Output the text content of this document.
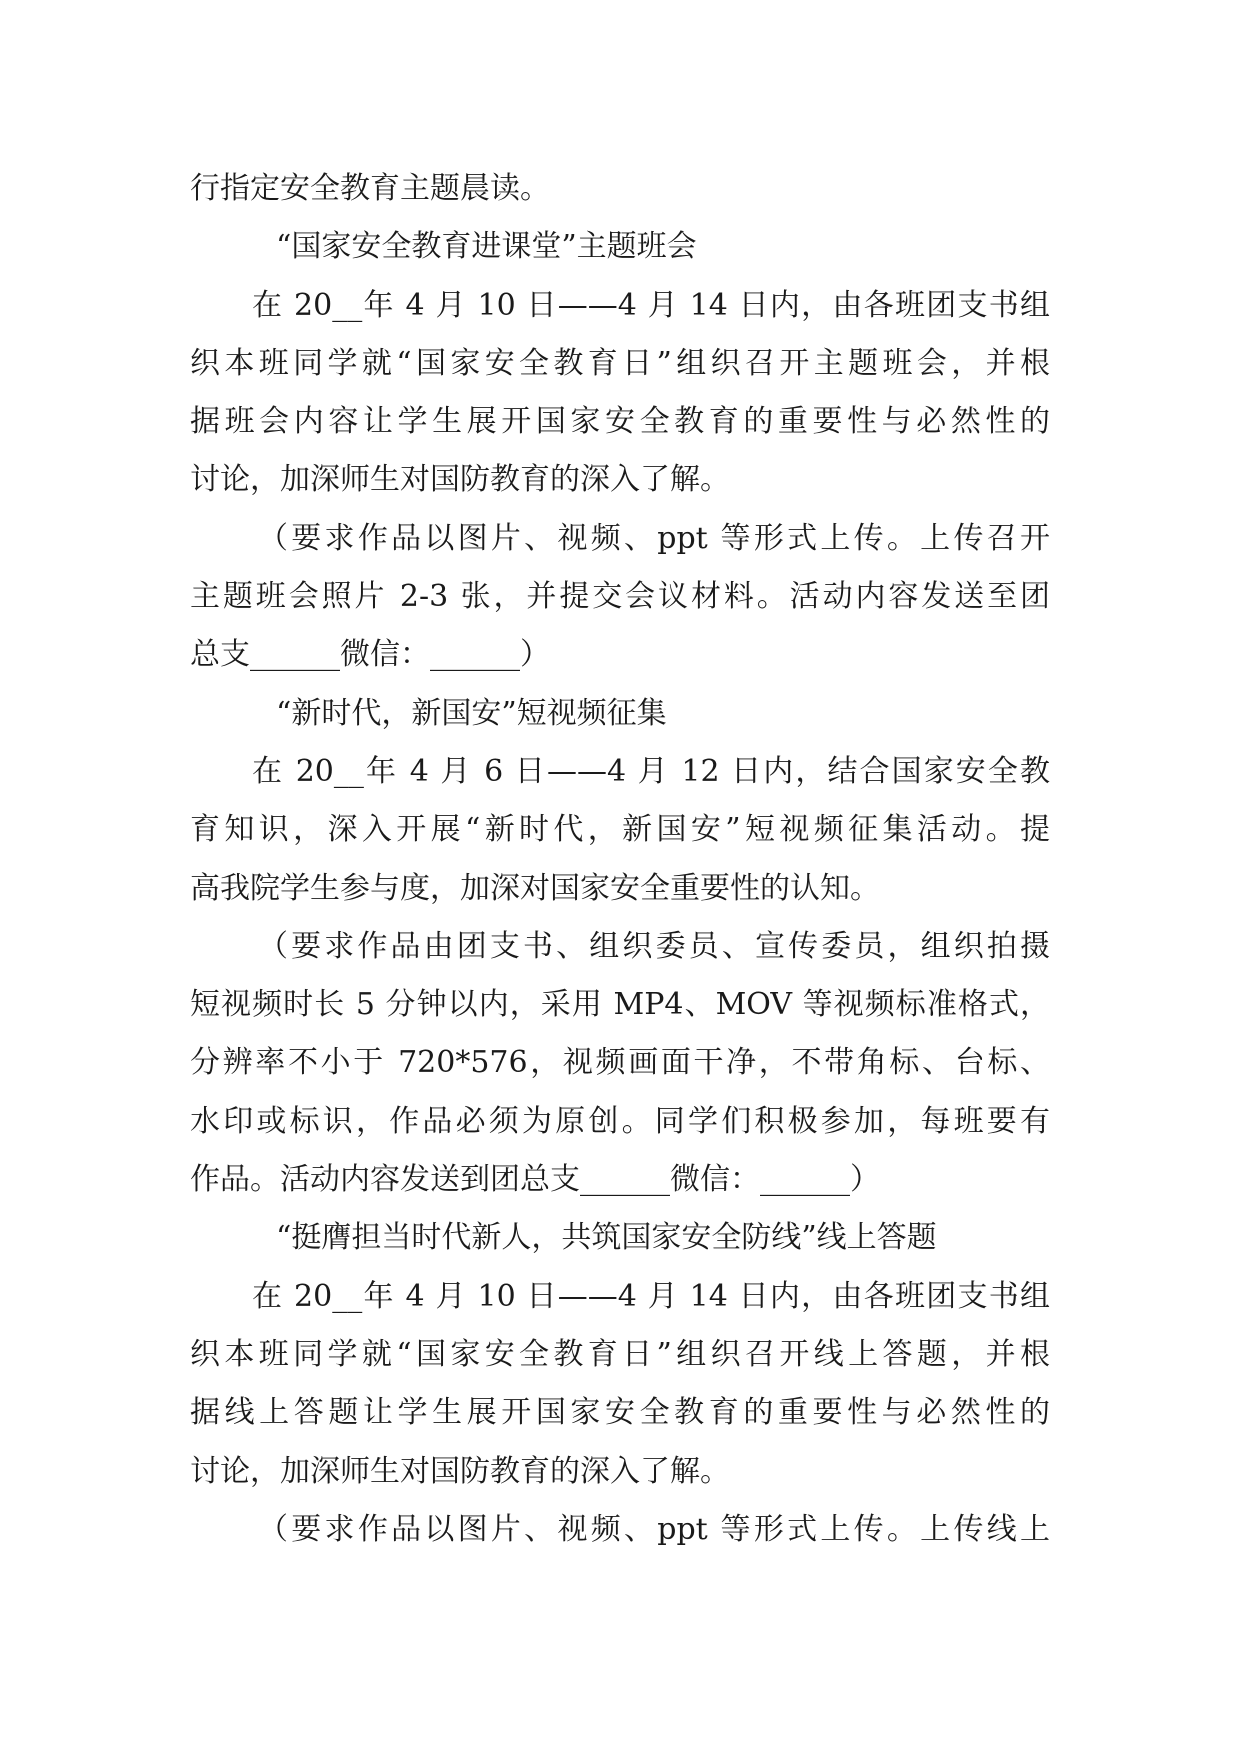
行指定安全教育主题晨读。
“国家安全教育进课堂”主题班会
在 20__年 4 月 10 日——4 月 14 日内，由各班团支书组
织本班同学就“国家安全教育日”组织召开主题班会，并根
据班会内容让学生展开国家安全教育的重要性与必然性的
讨论，加深师生对国防教育的深入了解。
（要求作品以图片、视频、ppt 等形式上传。上传召开
主题班会照片 2-3 张，并提交会议材料。活动内容发送至团
总支______微信：______）
“新时代，新国安”短视频征集
在 20__年 4 月 6 日——4 月 12 日内，结合国家安全教
育知识，深入开展“新时代，新国安”短视频征集活动。提
高我院学生参与度，加深对国家安全重要性的认知。
（要求作品由团支书、组织委员、宣传委员，组织拍摄
短视频时长 5 分钟以内，采用 MP4、MOV 等视频标准格式，
分辨率不小于 720*576，视频画面干净，不带角标、台标、
水印或标识，作品必须为原创。同学们积极参加，每班要有
作品。活动内容发送到团总支______微信：______）
“挺膺担当时代新人，共筑国家安全防线”线上答题
在 20__年 4 月 10 日——4 月 14 日内，由各班团支书组
织本班同学就“国家安全教育日”组织召开线上答题，并根
据线上答题让学生展开国家安全教育的重要性与必然性的
讨论，加深师生对国防教育的深入了解。
（要求作品以图片、视频、ppt 等形式上传。上传线上
